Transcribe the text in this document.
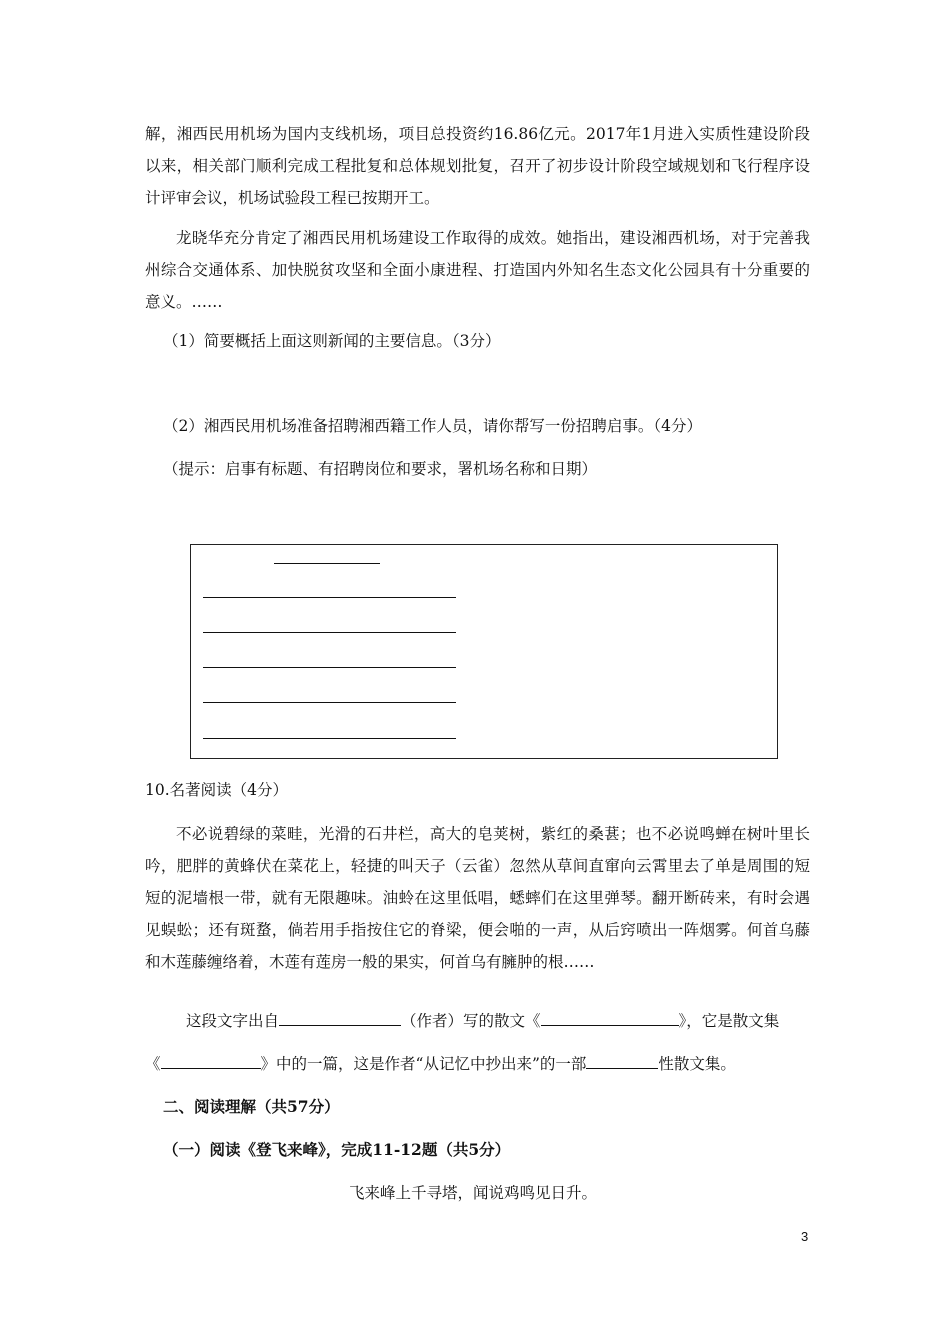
解，湘西民用机场为国内支线机场，项目总投资约16.86亿元。2017年1月进入实质性建设阶段以来，相关部门顺利完成工程批复和总体规划批复，召开了初步设计阶段空域规划和飞行程序设计评审会议，机场试验段工程已按期开工。

龙晓华充分肯定了湘西民用机场建设工作取得的成效。她指出，建设湘西机场，对于完善我州综合交通体系、加快脱贫攻坚和全面小康进程、打造国内外知名生态文化公园具有十分重要的意义。……

（1）简要概括上面这则新闻的主要信息。（3分）
（2）湘西民用机场准备招聘湘西籍工作人员，请你帮写一份招聘启事。（4分）
（提示：启事有标题、有招聘岗位和要求，署机场名称和日期）
10.名著阅读（4分）

不必说碧绿的菜畦，光滑的石井栏，高大的皂荚树，紫红的桑葚；也不必说鸣蝉在树叶里长吟，肥胖的黄蜂伏在菜花上，轻捷的叫天子（云雀）忽然从草间直窜向云霄里去了单是周围的短短的泥墙根一带，就有无限趣味。油蛉在这里低唱，蟋蟀们在这里弹琴。翻开断砖来，有时会遇见蜈蚣；还有斑蝥，倘若用手指按住它的脊梁，便会啪的一声，从后窍喷出一阵烟雾。何首乌藤和木莲藤缠络着，木莲有莲房一般的果实，何首乌有臃肿的根……

这段文字出自	（作者）写的散文《	》，它是散文集
《	》中的一篇，这是作者“从记忆中抄出来”的一部	性散文集。
二、阅读理解（共57分）
（一）阅读《登飞来峰》，完成11-12题（共5分）
飞来峰上千寻塔，闻说鸡鸣见日升。
3
